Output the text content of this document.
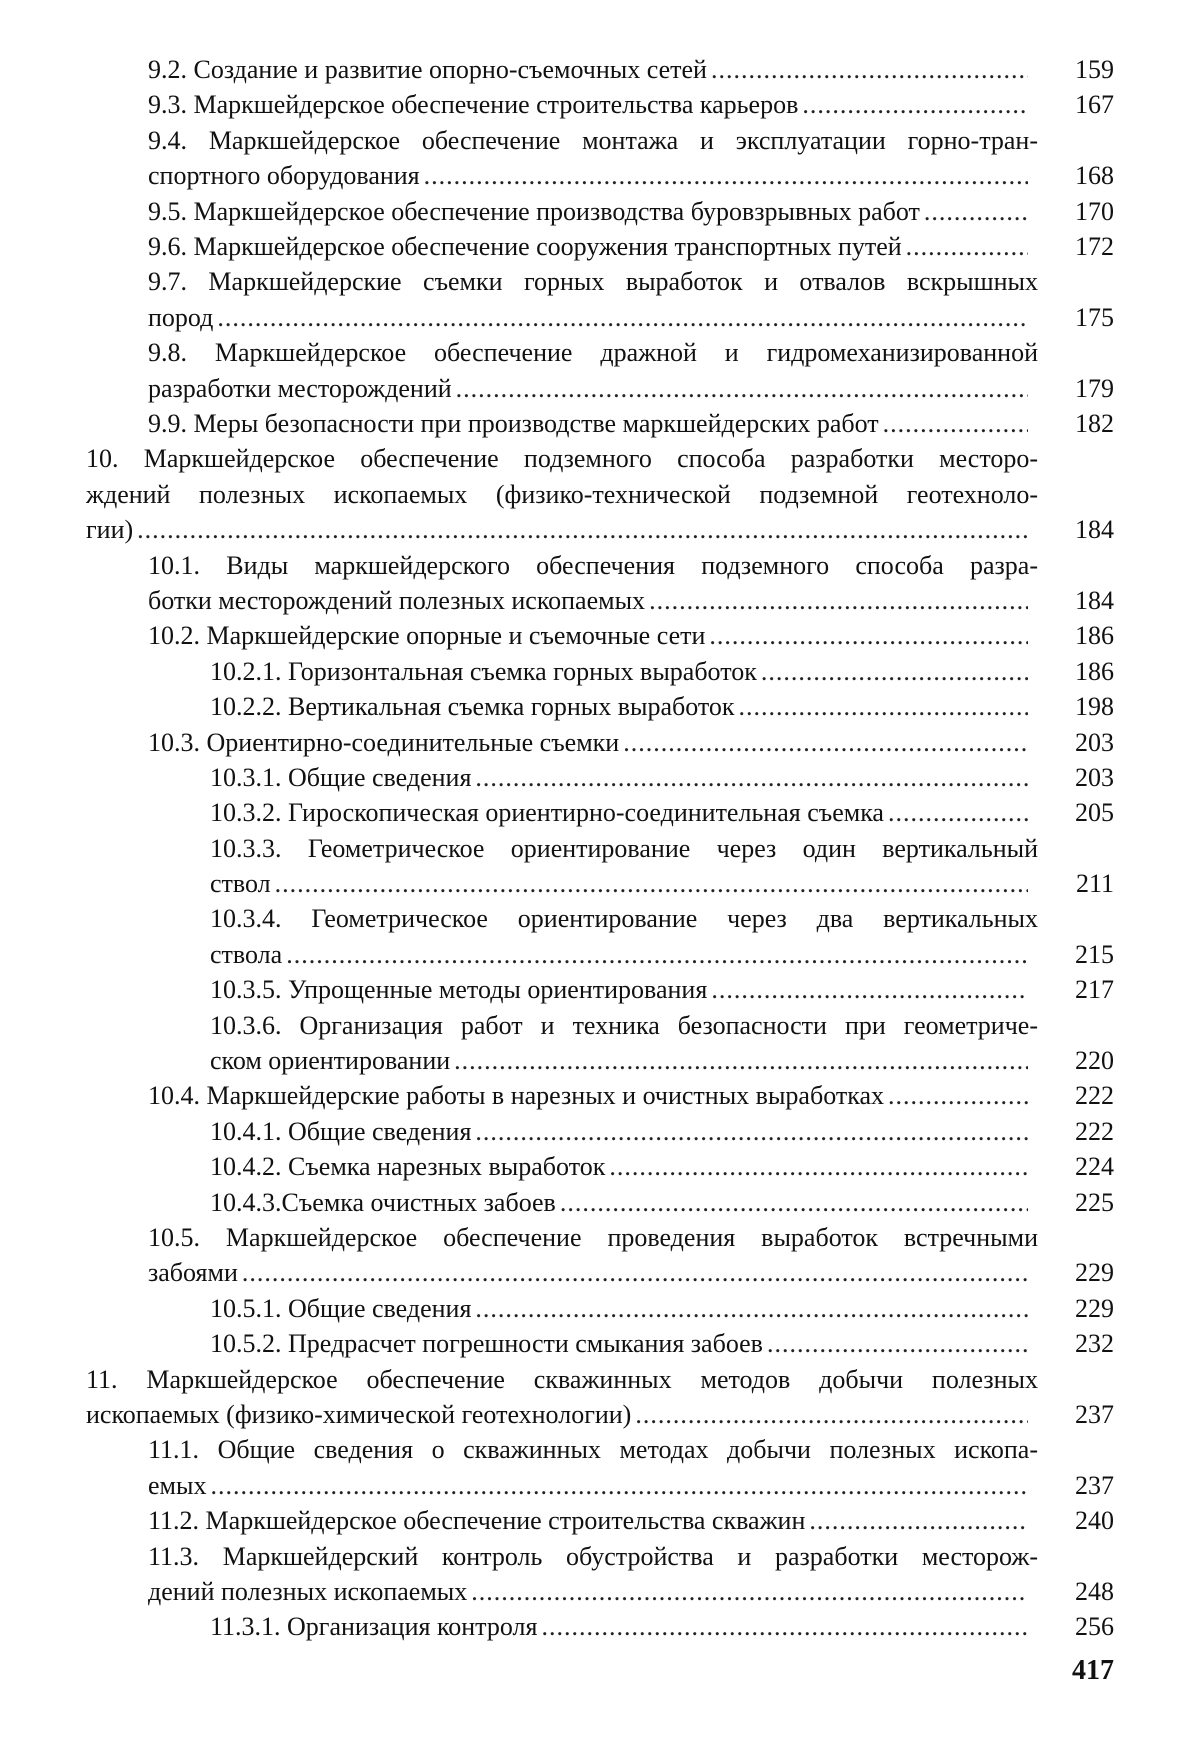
9.2. Создание и развитие опорно-съемочных сетей .....	159
9.3. Маркшейдерское обеспечение строительства карьеров .....	167
9.4. Маркшейдерское обеспечение монтажа и эксплуатации горно-тран-
спортного оборудования .....	168
9.5. Маркшейдерское обеспечение производства буровзрывных работ .....	170
9.6. Маркшейдерское обеспечение сооружения транспортных путей .....	172
9.7. Маркшейдерские съемки горных выработок и отвалов вскрышных
пород .....	175
9.8. Маркшейдерское обеспечение дражной и гидромеханизированной
разработки месторождений .....	179
9.9. Меры безопасности при производстве маркшейдерских работ .....	182
10. Маркшейдерское обеспечение подземного способа разработки месторо-
ждений полезных ископаемых (физико-технической подземной геотехноло-
гии) .....	184
10.1. Виды маркшейдерского обеспечения подземного способа разра-
ботки месторождений полезных ископаемых .....	184
10.2. Маркшейдерские опорные и съемочные сети .....	186
10.2.1. Горизонтальная съемка горных выработок .....	186
10.2.2. Вертикальная съемка горных выработок .....	198
10.3. Ориентирно-соединительные съемки .....	203
10.3.1. Общие сведения .....	203
10.3.2. Гироскопическая ориентирно-соединительная съемка .....	205
10.3.3. Геометрическое ориентирование через один вертикальный
ствол .....	211
10.3.4. Геометрическое ориентирование через два вертикальных
ствола .....	215
10.3.5. Упрощенные методы ориентирования .....	217
10.3.6. Организация работ и техника безопасности при геометриче-
ском ориентировании .....	220
10.4. Маркшейдерские работы в нарезных и очистных выработках .....	222
10.4.1. Общие сведения .....	222
10.4.2. Съемка нарезных выработок .....	224
10.4.3.Съемка очистных забоев .....	225
10.5. Маркшейдерское обеспечение проведения выработок встречными
забоями .....	229
10.5.1. Общие сведения .....	229
10.5.2. Предрасчет погрешности смыкания забоев .....	232
11. Маркшейдерское обеспечение скважинных методов добычи полезных
ископаемых (физико-химической геотехнологии) .....	237
11.1. Общие сведения о скважинных методах добычи полезных ископа-
емых .....	237
11.2. Маркшейдерское обеспечение строительства скважин .....	240
11.3. Маркшейдерский контроль обустройства и разработки месторож-
дений полезных ископаемых .....	248
11.3.1. Организация контроля .....	256
417
